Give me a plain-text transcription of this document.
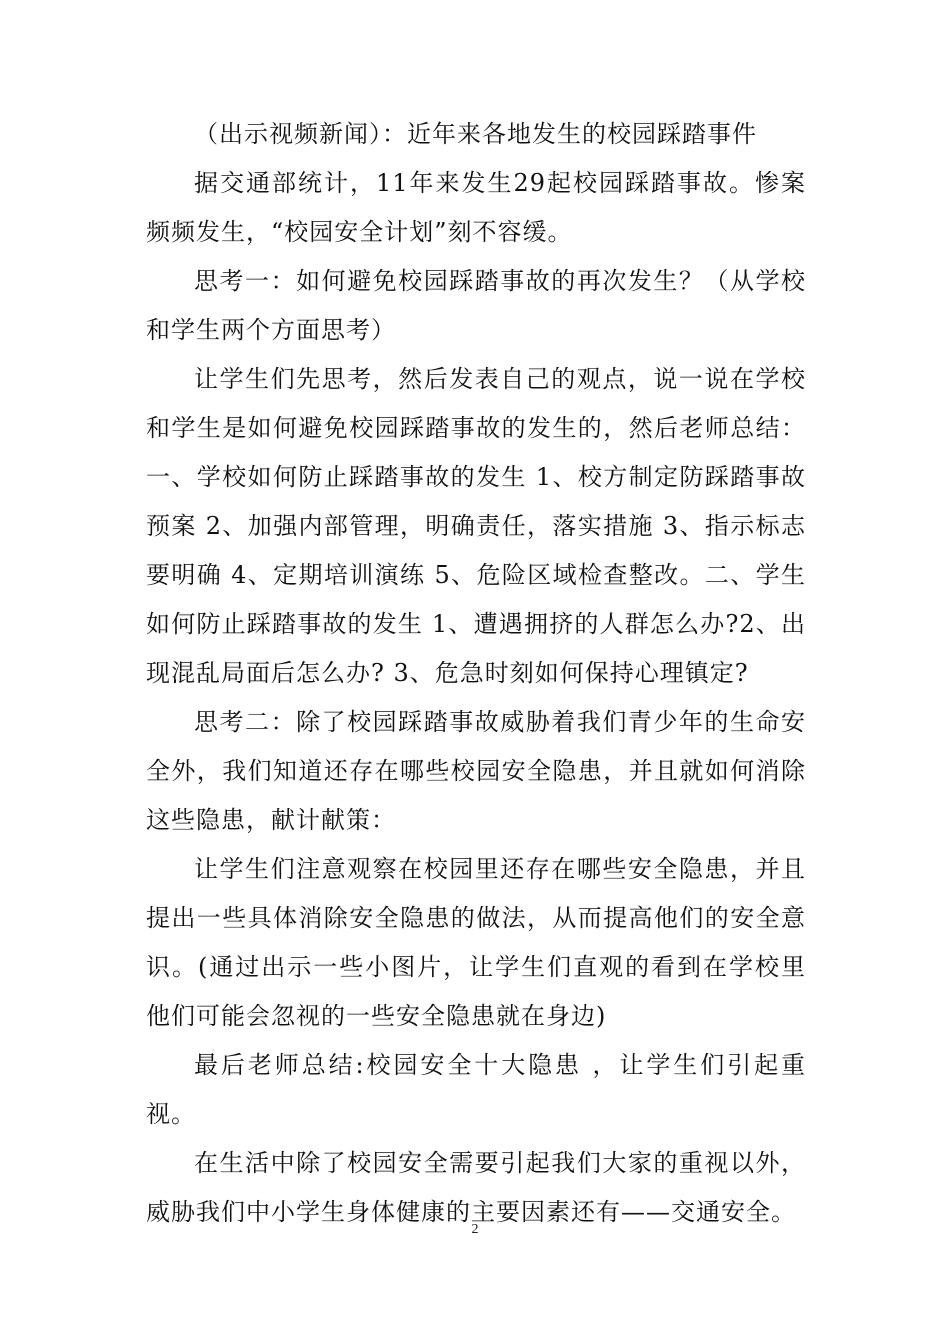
（出示视频新闻）：近年来各地发生的校园踩踏事件

据交通部统计，11年来发生29起校园踩踏事故。惨案频频发生，“校园安全计划”刻不容缓。

思考一：如何避免校园踩踏事故的再次发生？（从学校和学生两个方面思考）

让学生们先思考，然后发表自己的观点，说一说在学校和学生是如何避免校园踩踏事故的发生的，然后老师总结：一、学校如何防止踩踏事故的发生 1、校方制定防踩踏事故预案 2、加强内部管理，明确责任，落实措施 3、指示标志要明确 4、定期培训演练 5、危险区域检查整改。二、学生如何防止踩踏事故的发生 1、遭遇拥挤的人群怎么办?2、出现混乱局面后怎么办? 3、危急时刻如何保持心理镇定?

思考二：除了校园踩踏事故威胁着我们青少年的生命安全外，我们知道还存在哪些校园安全隐患，并且就如何消除这些隐患，献计献策：

让学生们注意观察在校园里还存在哪些安全隐患，并且提出一些具体消除安全隐患的做法，从而提高他们的安全意识。(通过出示一些小图片，让学生们直观的看到在学校里他们可能会忽视的一些安全隐患就在身边)

最后老师总结:校园安全十大隐患 ，让学生们引起重视。

在生活中除了校园安全需要引起我们大家的重视以外，威胁我们中小学生身体健康的主要因素还有——交通安全。

2
